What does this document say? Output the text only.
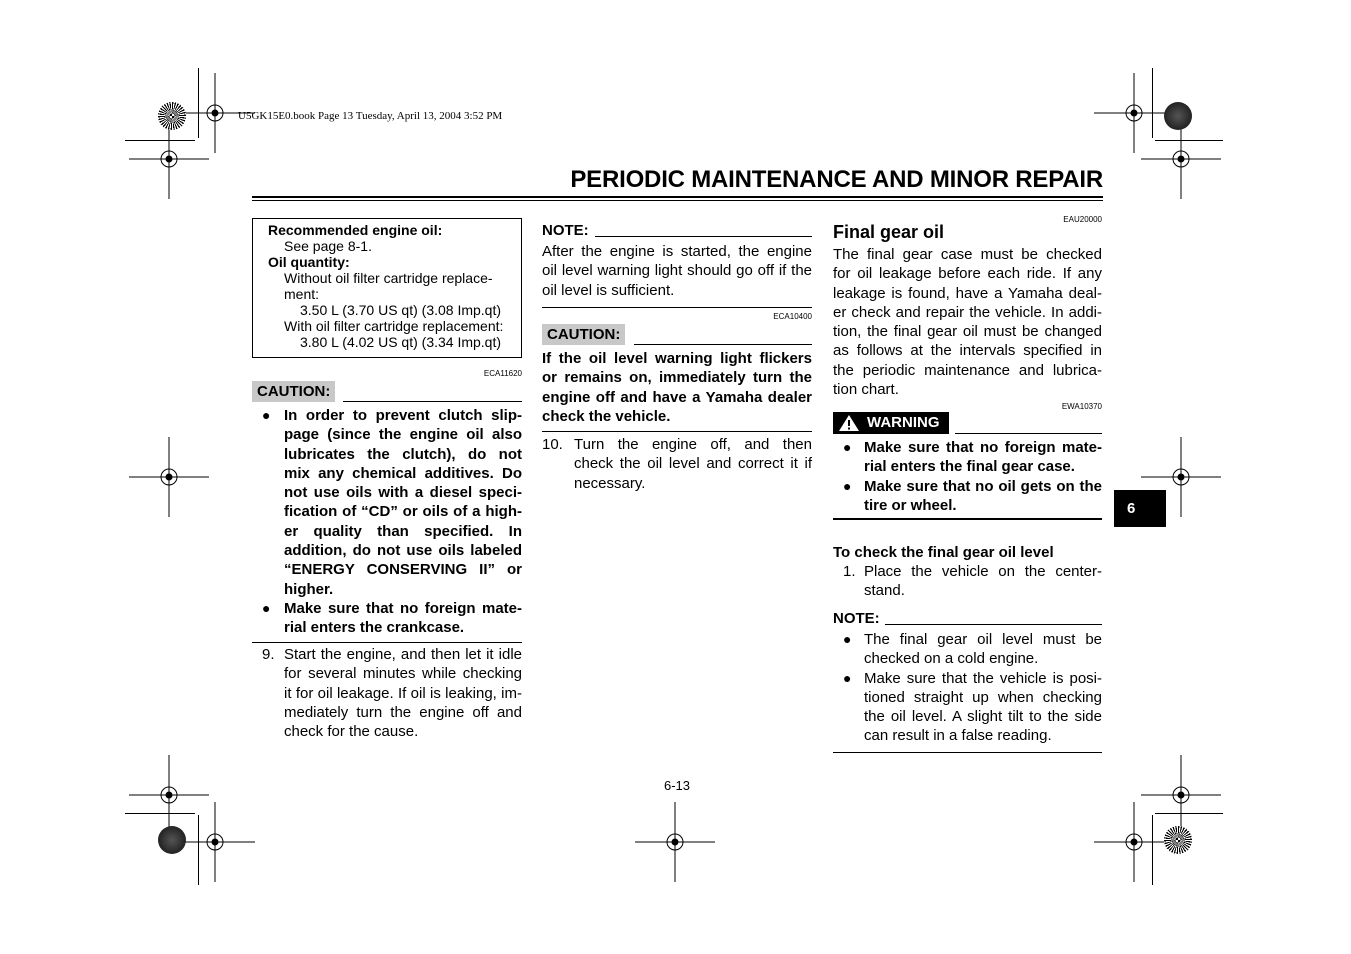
U5GK15E0.book Page 13 Tuesday, April 13, 2004 3:52 PM
PERIODIC MAINTENANCE AND MINOR REPAIR
Recommended engine oil:
See page 8-1.
Oil quantity:
Without oil filter cartridge replace-
ment:
3.50 L (3.70 US qt) (3.08 Imp.qt)
With oil filter cartridge replacement:
3.80 L (4.02 US qt) (3.34 Imp.qt)
ECA11620
CAUTION:
● In order to prevent clutch slip-
page (since the engine oil also
lubricates the clutch), do not
mix any chemical additives. Do
not use oils with a diesel speci-
fication of “CD” or oils of a high-
er quality than specified. In
addition, do not use oils labeled
“ENERGY CONSERVING II” or
higher.
● Make sure that no foreign mate-
rial enters the crankcase.
9. Start the engine, and then let it idle
for several minutes while checking
it for oil leakage. If oil is leaking, im-
mediately turn the engine off and
check for the cause.
NOTE:
After the engine is started, the engine
oil level warning light should go off if the
oil level is sufficient.
ECA10400
CAUTION:
If the oil level warning light flickers
or remains on, immediately turn the
engine off and have a Yamaha dealer
check the vehicle.
10. Turn the engine off, and then
check the oil level and correct it if
necessary.
EAU20000
Final gear oil
The final gear case must be checked
for oil leakage before each ride. If any
leakage is found, have a Yamaha deal-
er check and repair the vehicle. In addi-
tion, the final gear oil must be changed
as follows at the intervals specified in
the periodic maintenance and lubrica-
tion chart.
EWA10370
WARNING
● Make sure that no foreign mate-
rial enters the final gear case.
● Make sure that no oil gets on the
tire or wheel.
To check the final gear oil level
1. Place the vehicle on the center-
stand.
NOTE:
● The final gear oil level must be
checked on a cold engine.
● Make sure that the vehicle is posi-
tioned straight up when checking
the oil level. A slight tilt to the side
can result in a false reading.
6
6-13
